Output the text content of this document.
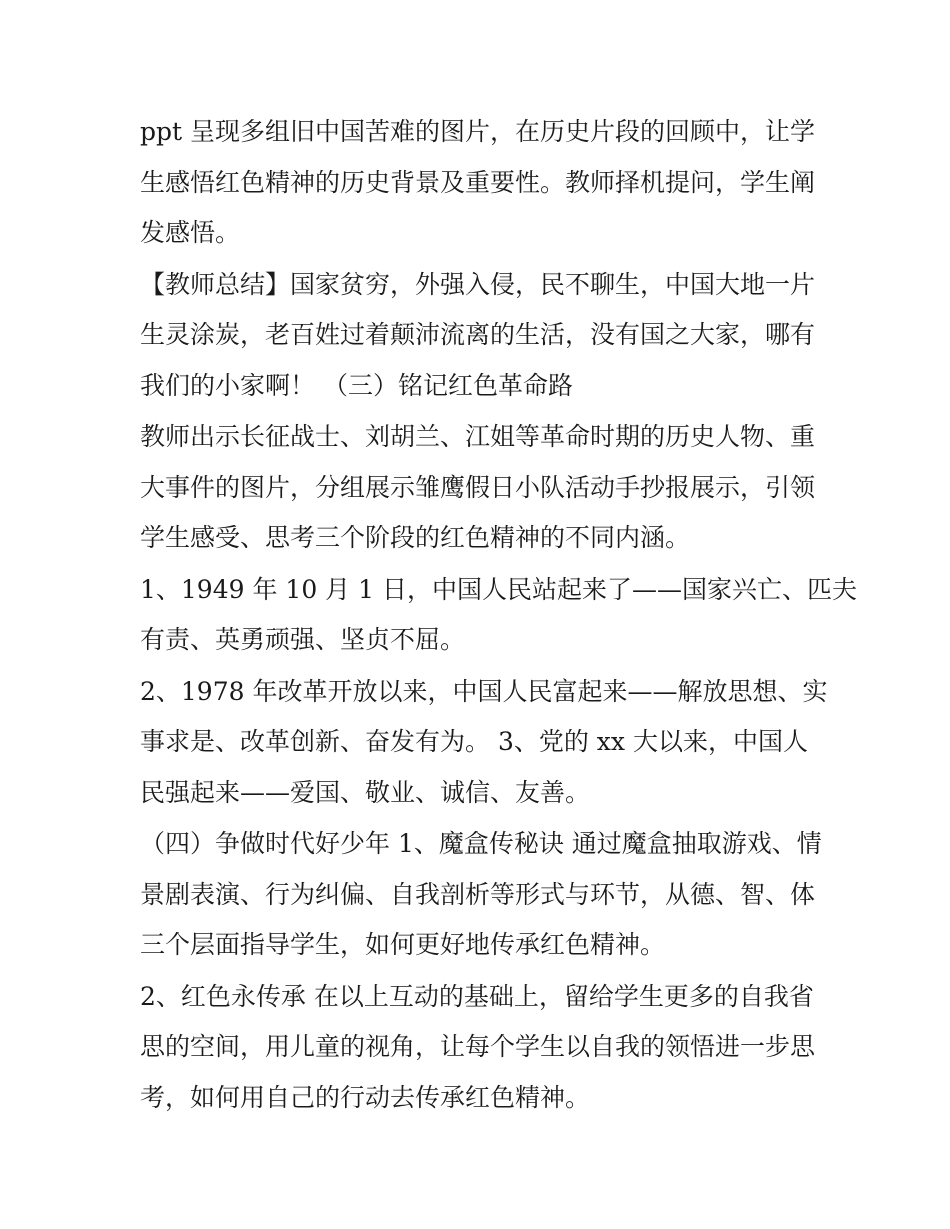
ppt 呈现多组旧中国苦难的图片，在历史片段的回顾中，让学
生感悟红色精神的历史背景及重要性。教师择机提问，学生阐
发感悟。
【教师总结】国家贫穷，外强入侵，民不聊生，中国大地一片
生灵涂炭，老百姓过着颠沛流离的生活，没有国之大家，哪有
我们的小家啊！ （三）铭记红色革命路
教师出示长征战士、刘胡兰、江姐等革命时期的历史人物、重
大事件的图片，分组展示雏鹰假日小队活动手抄报展示，引领
学生感受、思考三个阶段的红色精神的不同内涵。
1、1949 年 10 月 1 日，中国人民站起来了——国家兴亡、匹夫
有责、英勇顽强、坚贞不屈。
2、1978 年改革开放以来，中国人民富起来——解放思想、实
事求是、改革创新、奋发有为。 3、党的 xx 大以来，中国人
民强起来——爱国、敬业、诚信、友善。
（四）争做时代好少年 1、魔盒传秘诀 通过魔盒抽取游戏、情
景剧表演、行为纠偏、自我剖析等形式与环节，从德、智、体
三个层面指导学生，如何更好地传承红色精神。
2、红色永传承 在以上互动的基础上，留给学生更多的自我省
思的空间，用儿童的视角，让每个学生以自我的领悟进一步思
考，如何用自己的行动去传承红色精神。
